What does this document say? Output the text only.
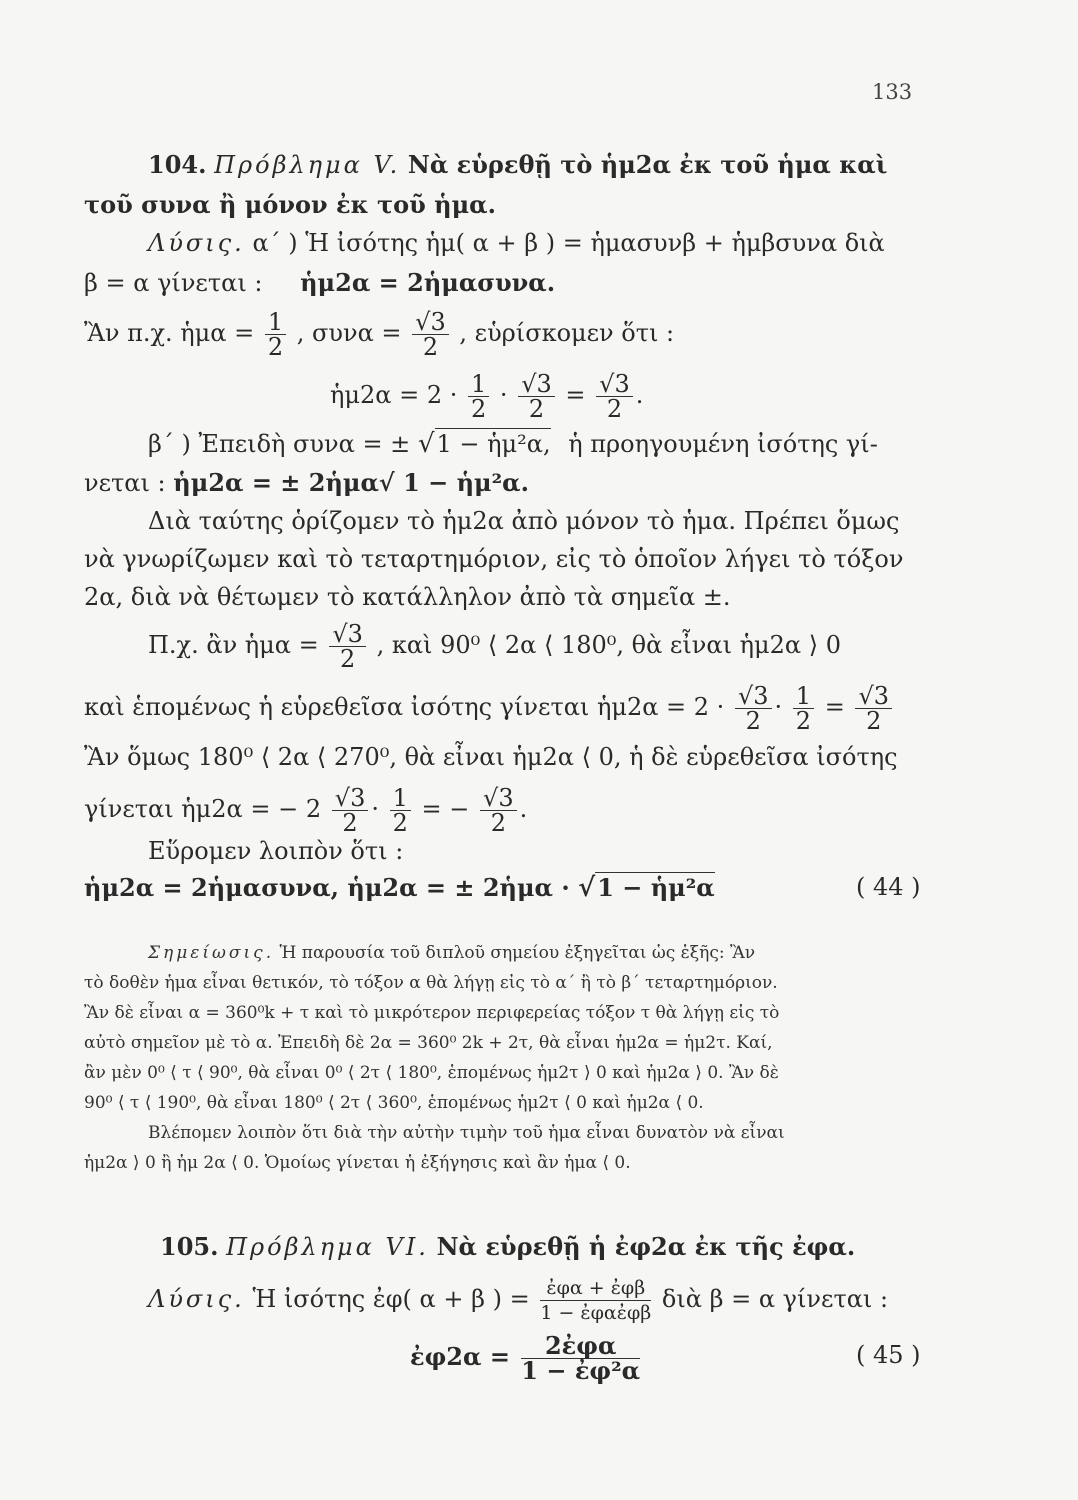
133
104. Πρόβλημα V. Νὰ εὑρεθῇ τὸ ἡμ2α ἐκ τοῦ ἡμα καὶ
τοῦ συνα ἢ μόνον ἐκ τοῦ ἡμα.
Λύσις. α΄ ) Ἡ ἰσότης ἡμ( α + β ) = ἡμασυνβ + ἡμβσυνα διὰ
β = α γίνεται : ἡμ2α = 2ἡμασυνα.
Ἂν π.χ. ἡμα = $\frac{1}{2}$ , $\sigma\upsilon\nu\alpha = \frac{√3}{2}$ , εὑρίσκομεν ὅτι :
ἡμ2α = $2 \cdot \frac{1}{2} \cdot \frac{√3}{2} = \frac{√3}{2}$ .
β΄ ) Ἐπειδὴ συνα = ± √1 − ἡμ²α, ἡ προηγουμένη ἰσότης γί-
νεται : ἡμ2α = ± 2ἡμα√ 1 − ἡμ²α.
Διὰ ταύτης ὁρίζομεν τὸ ἡμ2α ἀπὸ μόνον τὸ ἡμα. Πρέπει ὅμως
νὰ γνωρίζωμεν καὶ τὸ τεταρτημόριον, εἰς τὸ ὁποῖον λήγει τὸ τόξον
2α, διὰ νὰ θέτωμεν τὸ κατάλληλον ἀπὸ τὰ σημεῖα ±.
Π.χ. ἂν ἡμα = $\frac{√3}{2}$ , καὶ 90⁰ ⟨ 2α ⟨ 180⁰, θὰ εἶναι ἡμ2α ⟩ 0
καὶ ἑπομένως ἡ εὑρεθεῖσα ἰσότης γίνεται ἡμ2α = $2 \cdot \frac{√3}{2} \cdot \frac{1}{2} = \frac{√3}{2}$
Ἂν ὅμως 180⁰ ⟨ 2α ⟨ 270⁰, θὰ εἶναι ἡμ2α ⟨ 0, ἡ δὲ εὑρεθεῖσα ἰσότης
γίνεται ἡμ2α = − $2 \frac{√3}{2} \cdot \frac{1}{2}$ = − $\frac{√3}{2}$ .
Εὕρομεν λοιπὸν ὅτι :
ἡμ2α = 2ἡμασυνα, ἡμ2α = ± 2ἡμα · √1 − ἡμ²α	( 44 )
Σημείωσις. Ἡ παρουσία τοῦ διπλοῦ σημείου ἐξηγεῖται ὡς ἑξῆς: Ἂν
τὸ δοθὲν ἡμα εἶναι θετικόν, τὸ τόξον α θὰ λήγῃ εἰς τὸ α΄ ἢ τὸ β΄ τεταρτημόριον.
Ἂν δὲ εἶναι α = 360⁰k + τ καὶ τὸ μικρότερον περιφερείας τόξον τ θὰ λήγῃ εἰς τὸ
αὐτὸ σημεῖον μὲ τὸ α. Ἐπειδὴ δὲ 2α = 360⁰ 2k + 2τ, θὰ εἶναι ἡμ2α = ἡμ2τ. Καί,
ἂν μὲν 0⁰ ⟨ τ ⟨ 90⁰, θὰ εἶναι 0⁰ ⟨ 2τ ⟨ 180⁰, ἑπομένως ἡμ2τ ⟩ 0 καὶ ἡμ2α ⟩ 0. Ἂν δὲ
90⁰ ⟨ τ ⟨ 190⁰, θὰ εἶναι 180⁰ ⟨ 2τ ⟨ 360⁰, ἑπομένως ἡμ2τ ⟨ 0 καὶ ἡμ2α ⟨ 0.
Βλέπομεν λοιπὸν ὅτι διὰ τὴν αὐτὴν τιμὴν τοῦ ἡμα εἶναι δυνατὸν νὰ εἶναι
ἡμ2α ⟩ 0 ἢ ἡμ 2α ⟨ 0. Ὁμοίως γίνεται ἡ ἐξήγησις καὶ ἂν ἡμα ⟨ 0.
105. Πρόβλημα VI. Νὰ εὑρεθῇ ἡ ἐφ2α ἐκ τῆς ἐφα.
Λύσις. Ἡ ἰσότης ἐφ( α + β ) = $\frac{\text{ἐφα + ἐφβ}}{\text{1 − ἐφαἐφβ}}$ διὰ β = α γίνεται :
ἐφ2α = $\frac{\text{2ἐφα}}{\text{1 − ἐφ²α}}$	( 45 )
